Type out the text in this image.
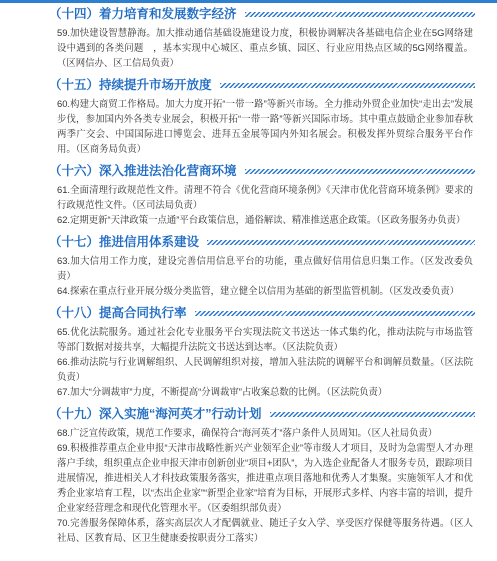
（十四）着力培育和发展数字经济
59.加快建设智慧静海。加大推动通信基础设施建设力度，积极协调解决各基础电信企业在5G网络建设中遇到的各类问题　，基本实现中心城区、重点乡镇、园区、行业应用热点区域的5G网络覆盖。（区网信办、区工信局负责）
（十五）持续提升市场开放度
60.构建大商贸工作格局。加大力度开拓“一带一路”等新兴市场。全力推动外贸企业加快“走出去”发展步伐，参加国内外各类专业展会，积极开拓“一带一路”等新兴国际市场。其中重点鼓励企业参加春秋两季广交会、中国国际进口博览会、进拜五金展等国内外知名展会。积极发挥外贸综合服务平台作用。（区商务局负责）
（十六）深入推进法治化营商环境
61.全面清理行政规范性文件。清理不符合《优化营商环境条例》《天津市优化营商环境条例》要求的行政规范性文件。（区司法局负责）
62.定期更新“天津政策一点通”平台政策信息，通俗解读、精准推送惠企政策。（区政务服务办负责）
（十七）推进信用体系建设
63.加大信用工作力度，建设完善信用信息平台的功能，重点做好信用信息归集工作。（区发改委负责）
64.探索在重点行业开展分级分类监管，建立健全以信用为基础的新型监管机制。（区发改委负责）
（十八）提高合同执行率
65.优化法院服务。通过社会化专业服务平台实现法院文书送达一体式集约化，推动法院与市场监管等部门数据对接共享，大幅提升法院文书送达到达率。（区法院负责）
66.推动法院与行业调解组织、人民调解组织对接，增加入驻法院的调解平台和调解员数量。（区法院负责）
67.加大“分调裁审”力度，不断提高“分调裁审”占收案总数的比例。（区法院负责）
（十九）深入实施“海河英才”行动计划
68.广泛宣传政策，规范工作要求，确保符合“海河英才”落户条件人员周知。（区人社局负责）
69.积极推荐重点企业申报“天津市战略性新兴产业领军企业”等市级人才项目，及时为急需型人才办理落户手续，组织重点企业申报天津市创新创业“项目+团队”，为入选企业配备人才服务专员，跟踪项目进展情况，推进相关人才科技政策服务落实，推进重点项目落地和优秀人才集聚。实施领军人才和优秀企业家培育工程，以“杰出企业家”“新型企业家”培育为目标，开展形式多样、内容丰富的培训，提升企业家经营理念和现代化管理水平。（区委组织部负责）
70.完善服务保障体系，落实高层次人才配偶就业、随迁子女入学、享受医疗保健等服务待遇。（区人社局、区教育局、区卫生健康委按职责分工落实）
